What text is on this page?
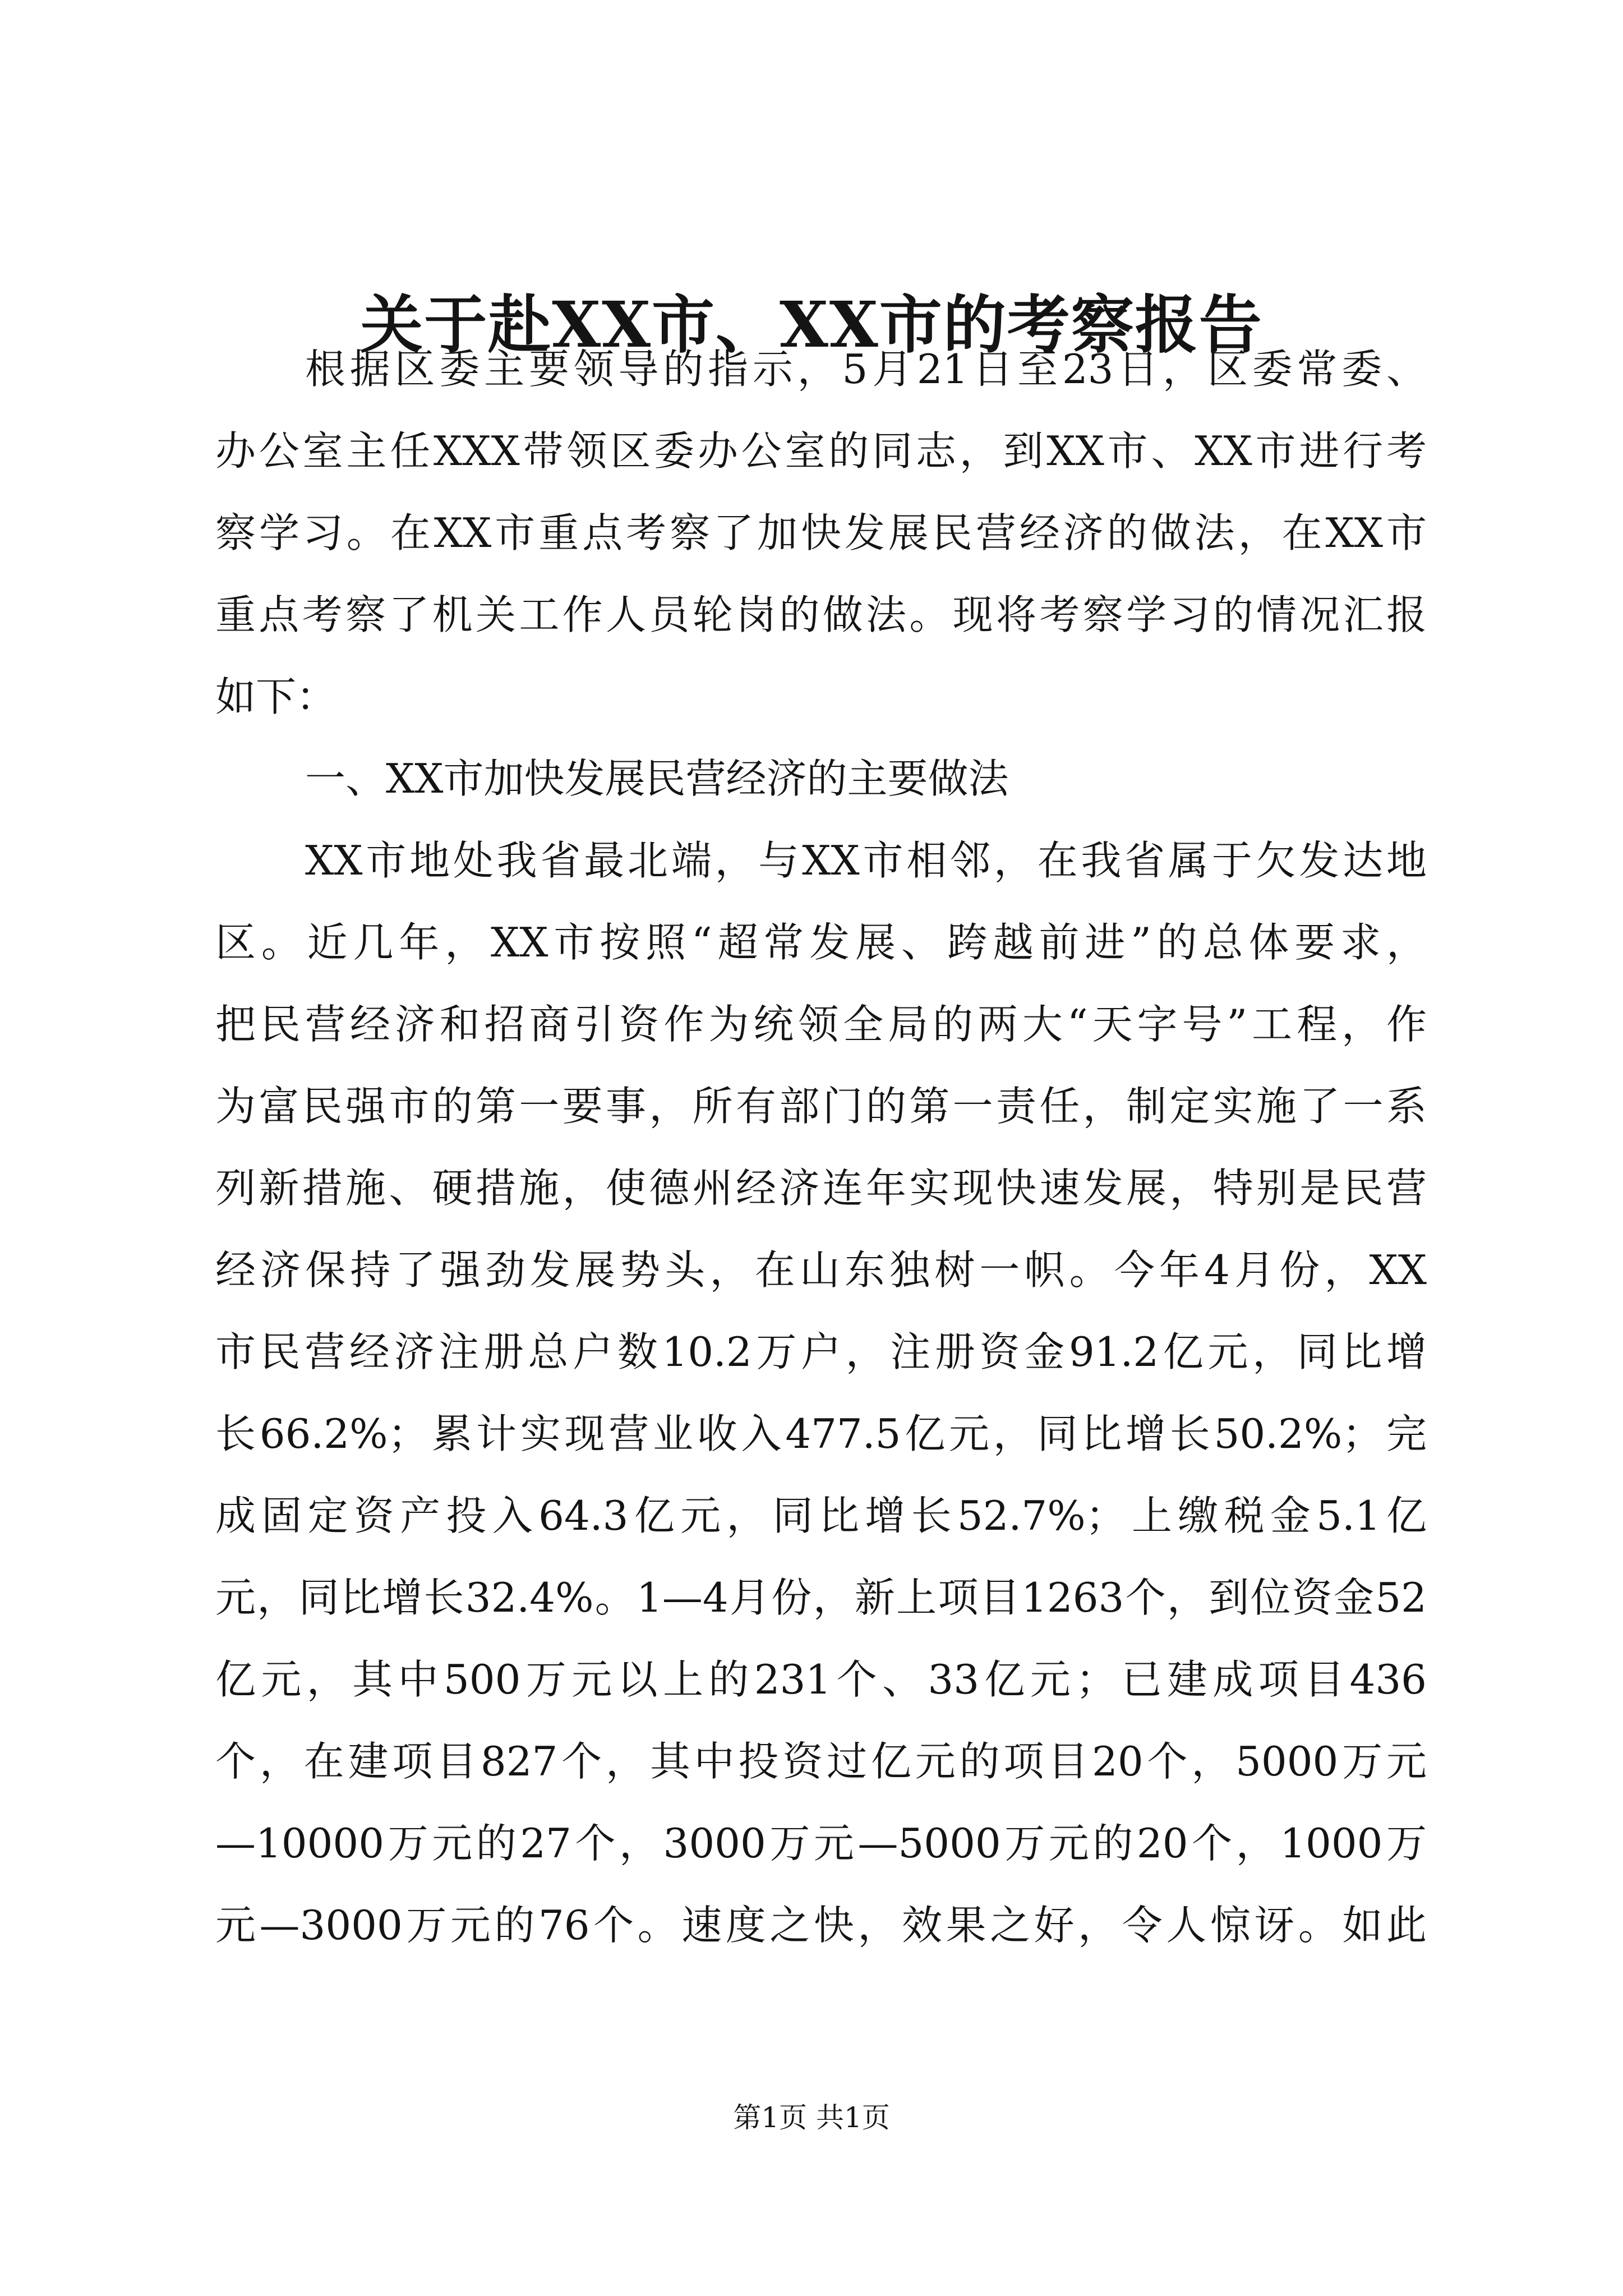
关于赴XX市、XX市的考察报告
根据区委主要领导的指示，5月21日至23日，区委常委、
办公室主任XXX带领区委办公室的同志，到XX市、XX市进行考
察学习。在XX市重点考察了加快发展民营经济的做法，在XX市
重点考察了机关工作人员轮岗的做法。现将考察学习的情况汇报
如下：
一、XX市加快发展民营经济的主要做法
XX市地处我省最北端，与XX市相邻，在我省属于欠发达地
区。近几年，XX市按照“超常发展、跨越前进”的总体要求，
把民营经济和招商引资作为统领全局的两大“天字号”工程，作
为富民强市的第一要事，所有部门的第一责任，制定实施了一系
列新措施、硬措施，使德州经济连年实现快速发展，特别是民营
经济保持了强劲发展势头，在山东独树一帜。今年4月份，XX
市民营经济注册总户数10.2万户，注册资金91.2亿元，同比增
长66.2%；累计实现营业收入477.5亿元，同比增长50.2%；完
成固定资产投入64.3亿元，同比增长52.7%；上缴税金5.1亿
元，同比增长32.4%。1—4月份，新上项目1263个，到位资金52
亿元，其中500万元以上的231个、33亿元；已建成项目436
个，在建项目827个，其中投资过亿元的项目20个，5000万元
—10000万元的27个，3000万元—5000万元的20个，1000万
元—3000万元的76个。速度之快，效果之好，令人惊讶。如此
第1页 共1页
